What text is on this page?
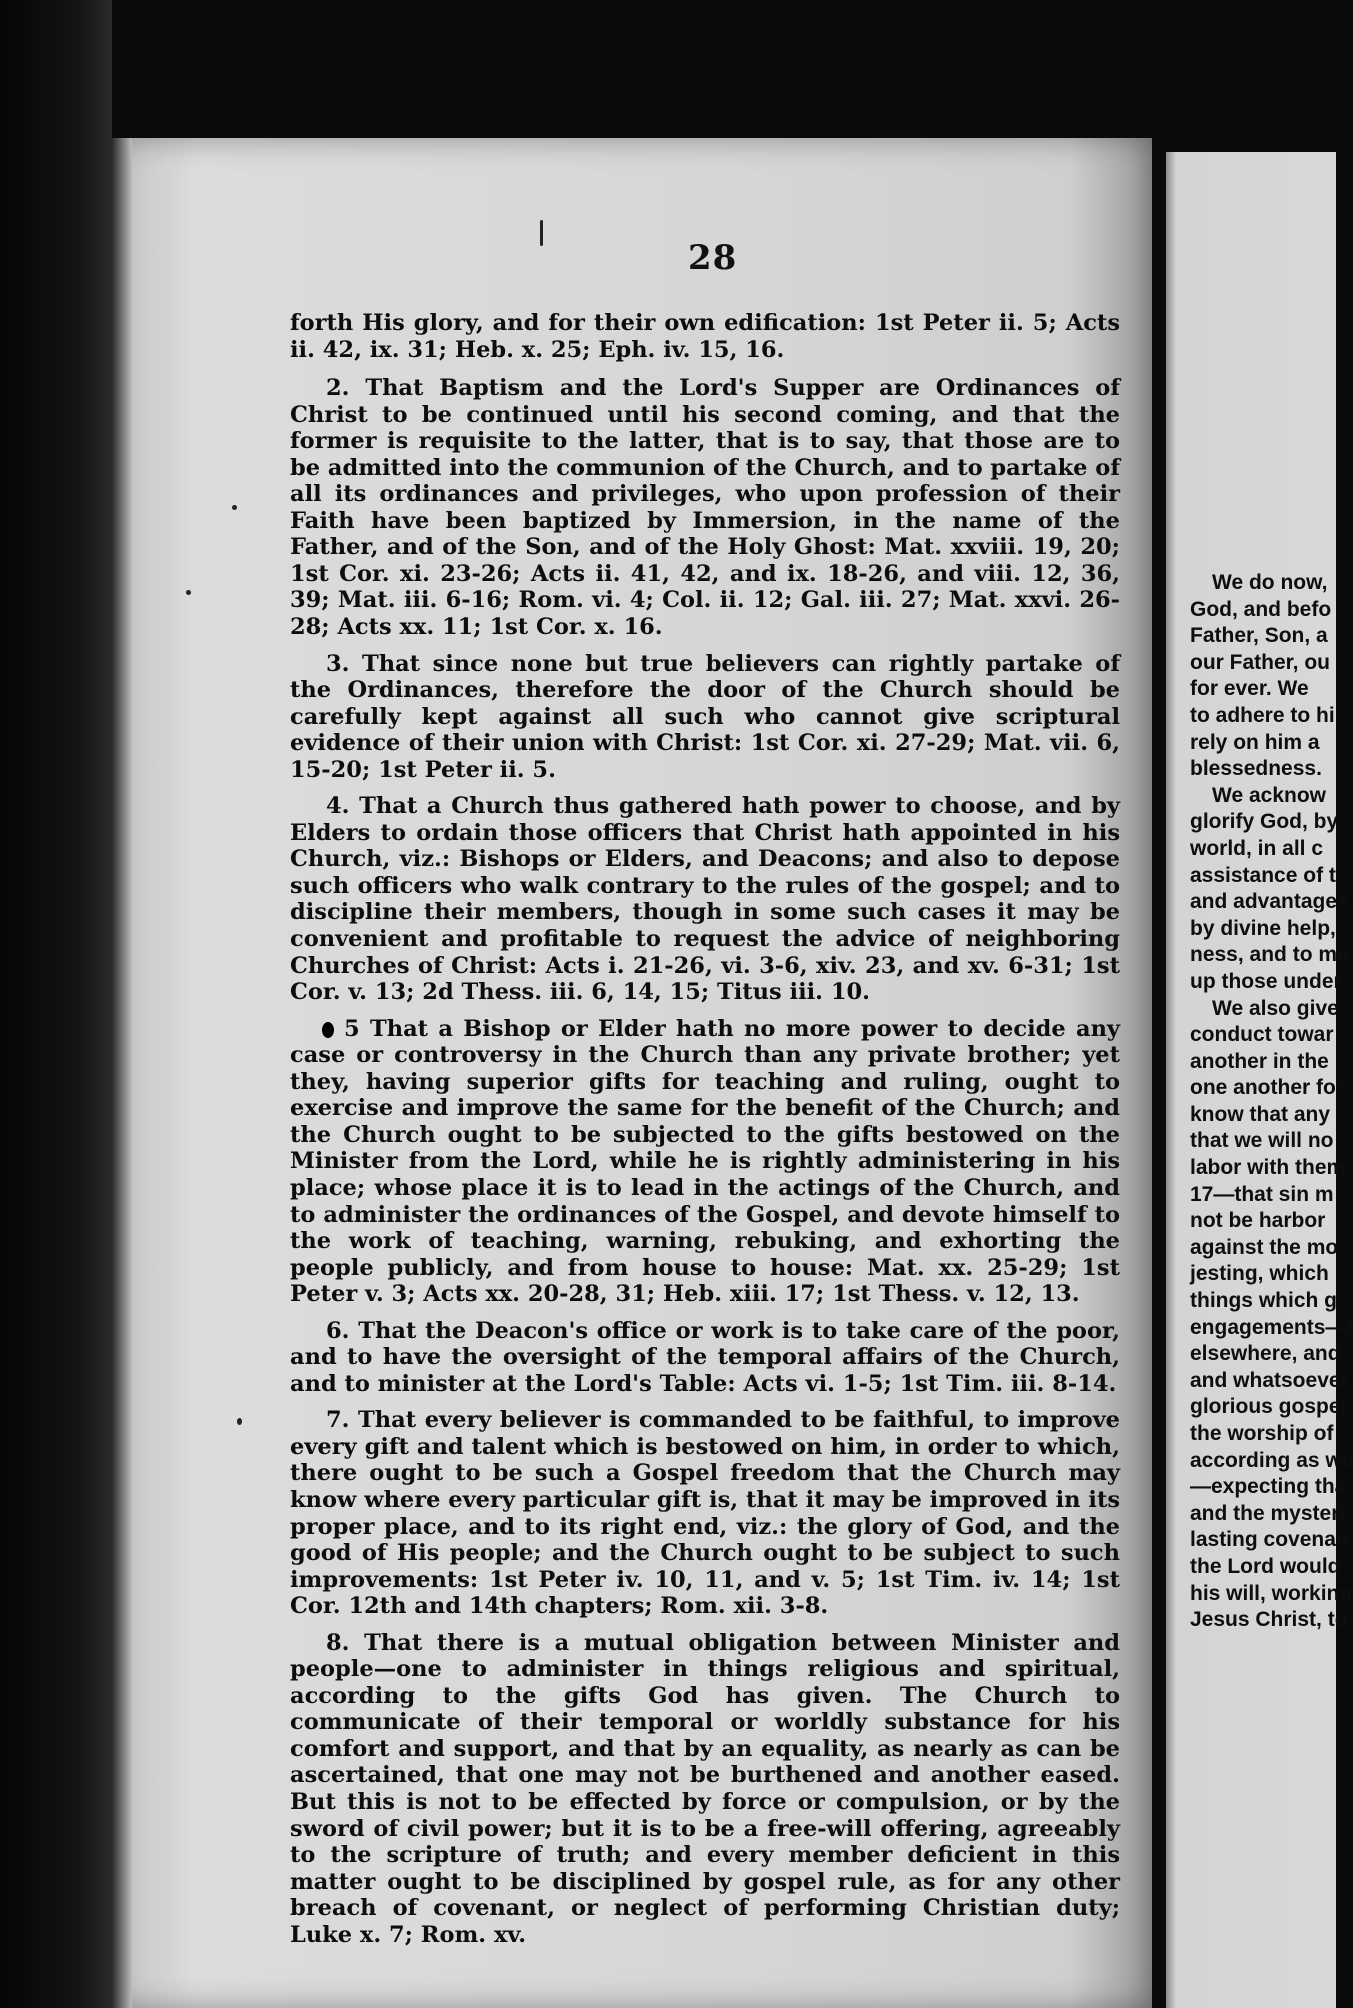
We do now,
God, and befo
Father, Son, a
our Father, ou
for ever. We
to adhere to hi
rely on him a
blessedness.
We acknow
glorify God, by
world, in all c
assistance of t
and advantages
by divine help,
ness, and to ma
up those under
We also give
conduct towar
another in the
one another for
know that any
that we will no
labor with them
17—that sin m
not be harbor
against the mo
jesting, which
things which g
engagements—t
elsewhere, and
and whatsoever
glorious gospel
the worship of
according as we
—expecting tha
and the mysteri
lasting covenan
the Lord would
his will, working
Jesus Christ, to
28

forth His glory, and for their own edification: 1st Peter ii. 5; Acts ii. 42, ix. 31; Heb. x. 25; Eph. iv. 15, 16.

2. That Baptism and the Lord's Supper are Ordinances of Christ to be continued until his second coming, and that the former is requisite to the latter, that is to say, that those are to be admitted into the communion of the Church, and to partake of all its ordinances and privileges, who upon profession of their Faith have been baptized by Immersion, in the name of the Father, and of the Son, and of the Holy Ghost: Mat. xxviii. 19, 20; 1st Cor. xi. 23-26; Acts ii. 41, 42, and ix. 18-26, and viii. 12, 36, 39; Mat. iii. 6-16; Rom. vi. 4; Col. ii. 12; Gal. iii. 27; Mat. xxvi. 26-28; Acts xx. 11; 1st Cor. x. 16.

3. That since none but true believers can rightly partake of the Ordinances, therefore the door of the Church should be carefully kept against all such who cannot give scriptural evidence of their union with Christ: 1st Cor. xi. 27-29; Mat. vii. 6, 15-20; 1st Peter ii. 5.

4. That a Church thus gathered hath power to choose, and by Elders to ordain those officers that Christ hath appointed in his Church, viz.: Bishops or Elders, and Deacons; and also to depose such officers who walk contrary to the rules of the gospel; and to discipline their members, though in some such cases it may be convenient and profitable to request the advice of neighboring Churches of Christ: Acts i. 21-26, vi. 3-6, xiv. 23, and xv. 6-31; 1st Cor. v. 13; 2d Thess. iii. 6, 14, 15; Titus iii. 10.

5 That a Bishop or Elder hath no more power to decide any case or controversy in the Church than any private brother; yet they, having superior gifts for teaching and ruling, ought to exercise and improve the same for the benefit of the Church; and the Church ought to be subjected to the gifts bestowed on the Minister from the Lord, while he is rightly administering in his place; whose place it is to lead in the actings of the Church, and to administer the ordinances of the Gospel, and devote himself to the work of teaching, warning, rebuking, and exhorting the people publicly, and from house to house: Mat. xx. 25-29; 1st Peter v. 3; Acts xx. 20-28, 31; Heb. xiii. 17; 1st Thess. v. 12, 13.

6. That the Deacon's office or work is to take care of the poor, and to have the oversight of the temporal affairs of the Church, and to minister at the Lord's Table: Acts vi. 1-5; 1st Tim. iii. 8-14.

7. That every believer is commanded to be faithful, to improve every gift and talent which is bestowed on him, in order to which, there ought to be such a Gospel freedom that the Church may know where every particular gift is, that it may be improved in its proper place, and to its right end, viz.: the glory of God, and the good of His people; and the Church ought to be subject to such improvements: 1st Peter iv. 10, 11, and v. 5; 1st Tim. iv. 14; 1st Cor. 12th and 14th chapters; Rom. xii. 3-8.

8. That there is a mutual obligation between Minister and people—one to administer in things religious and spiritual, according to the gifts God has given. The Church to communicate of their temporal or worldly substance for his comfort and support, and that by an equality, as nearly as can be ascertained, that one may not be burthened and another eased. But this is not to be effected by force or compulsion, or by the sword of civil power; but it is to be a free-will offering, agreeably to the scripture of truth; and every member deficient in this matter ought to be disciplined by gospel rule, as for any other breach of covenant, or neglect of performing Christian duty; Luke x. 7; Rom. xv.
